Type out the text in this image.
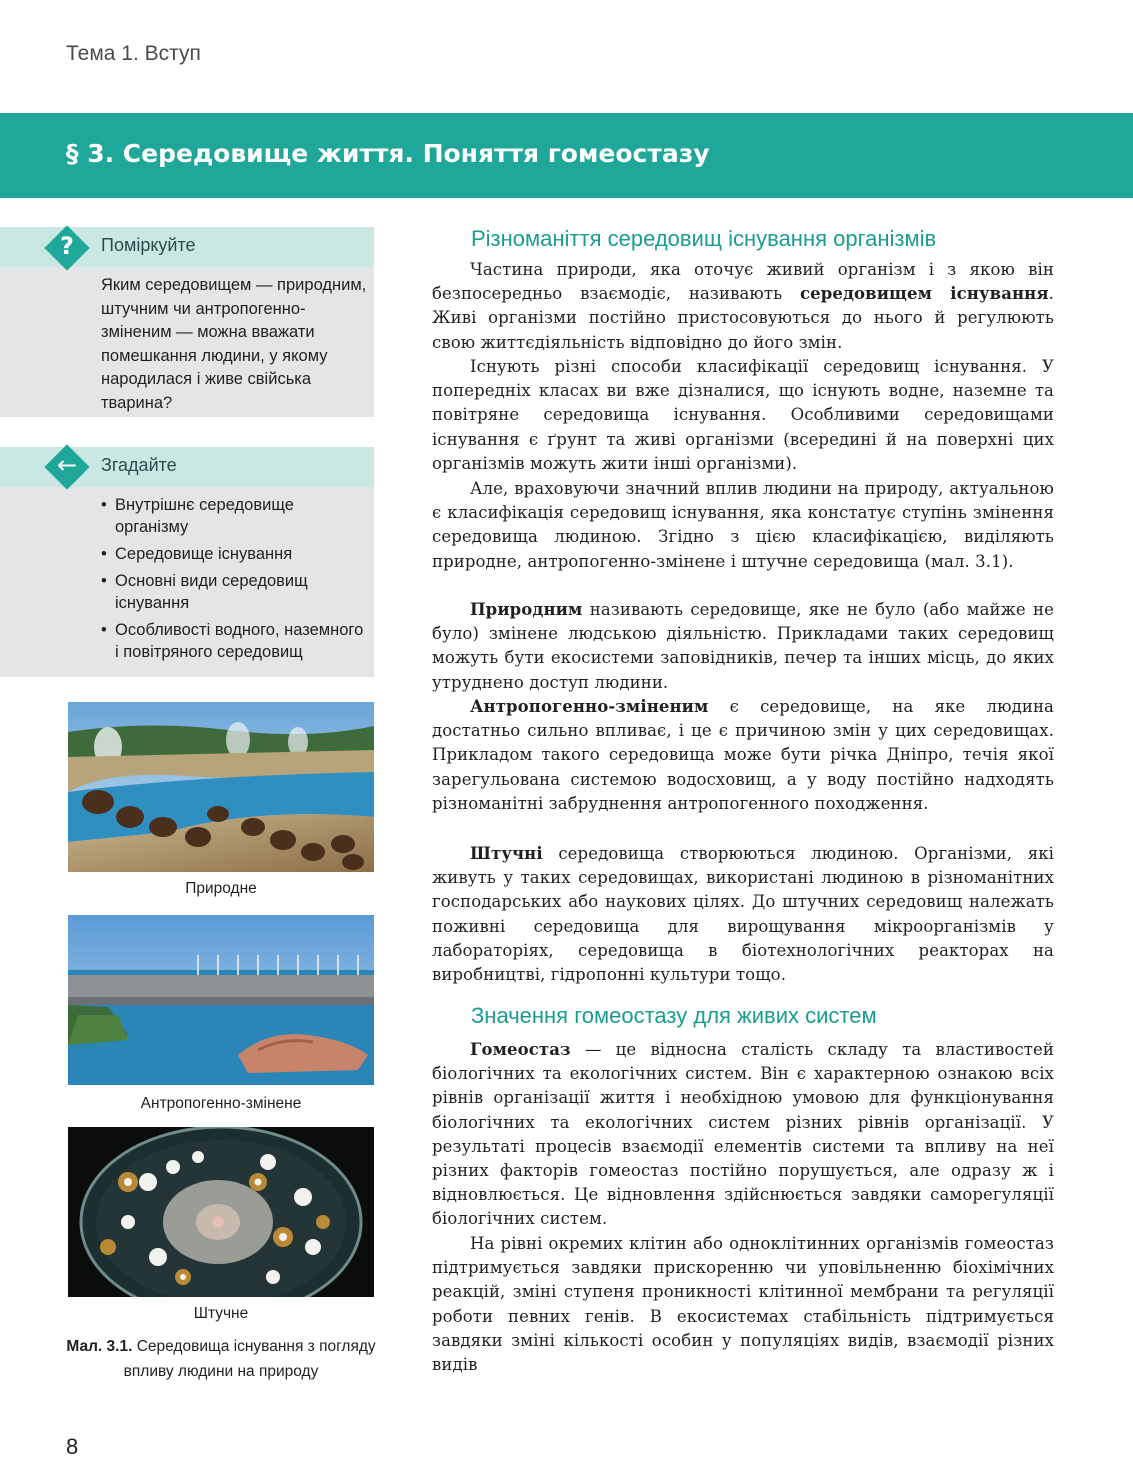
Тема 1. Вступ
§ 3. Середовище життя. Поняття гомеостазу
?	Поміркуйте
Яким середовищем — природним, штучним чи антропогенно-зміненим — можна вважати помешкання людини, у якому народилася і живе свійська тварина?
←	Згадайте
• Внутрішнє середовище організму
• Середовище існування
• Основні види середовищ існування
• Особливості водного, наземного і повітряного середовищ
Природне
Антропогенно-змінене
Штучне
Мал. 3.1. Середовища існування з погляду впливу людини на природу
Різноманіття середовищ існування організмів

Частина природи, яка оточує живий організм і з якою він безпосередньо взаємодіє, називають середовищем існування. Живі організми постійно пристосовуються до нього й регулюють свою життєдіяльність відповідно до його змін.

Існують різні способи класифікації середовищ існування. У попередніх класах ви вже дізналися, що існують водне, наземне та повітряне середовища існування. Особливими середовищами існування є ґрунт та живі організми (всередині й на поверхні цих організмів можуть жити інші організми).

Але, враховуючи значний вплив людини на природу, актуальною є класифікація середовищ існування, яка констатує ступінь змінення середовища людиною. Згідно з цією класифікацією, виділяють природне, антропогенно-змінене і штучне середовища (мал. 3.1).

Природним називають середовище, яке не було (або майже не було) змінене людською діяльністю. Прикладами таких середовищ можуть бути екосистеми заповідників, печер та інших місць, до яких утруднено доступ людини.

Антропогенно-зміненим є середовище, на яке людина достатньо сильно впливає, і це є причиною змін у цих середовищах. Прикладом такого середовища може бути річка Дніпро, течія якої зарегульована системою водосховищ, а у воду постійно надходять різноманітні забруднення антропогенного походження.

Штучні середовища створюються людиною. Організми, які живуть у таких середовищах, використані людиною в різноманітних господарських або наукових цілях. До штучних середовищ належать поживні середовища для вирощування мікроорганізмів у лабораторіях, середовища в біотехнологічних реакторах на виробництві, гідропонні культури тощо.

Значення гомеостазу для живих систем

Гомеостаз — це відносна сталість складу та властивостей біологічних та екологічних систем. Він є характерною ознакою всіх рівнів організації життя і необхідною умовою для функціонування біологічних та екологічних систем різних рівнів організації. У результаті процесів взаємодії елементів системи та впливу на неї різних факторів гомеостаз постійно порушується, але одразу ж і відновлюється. Це відновлення здійснюється завдяки саморегуляції біологічних систем.

На рівні окремих клітин або одноклітинних організмів гомеостаз підтримується завдяки прискоренню чи уповільненню біохімічних реакцій, зміні ступеня проникності клітинної мембрани та регуляції роботи певних генів. В екосистемах стабільність підтримується завдяки зміні кількості особин у популяціях видів, взаємодії різних видів

8
